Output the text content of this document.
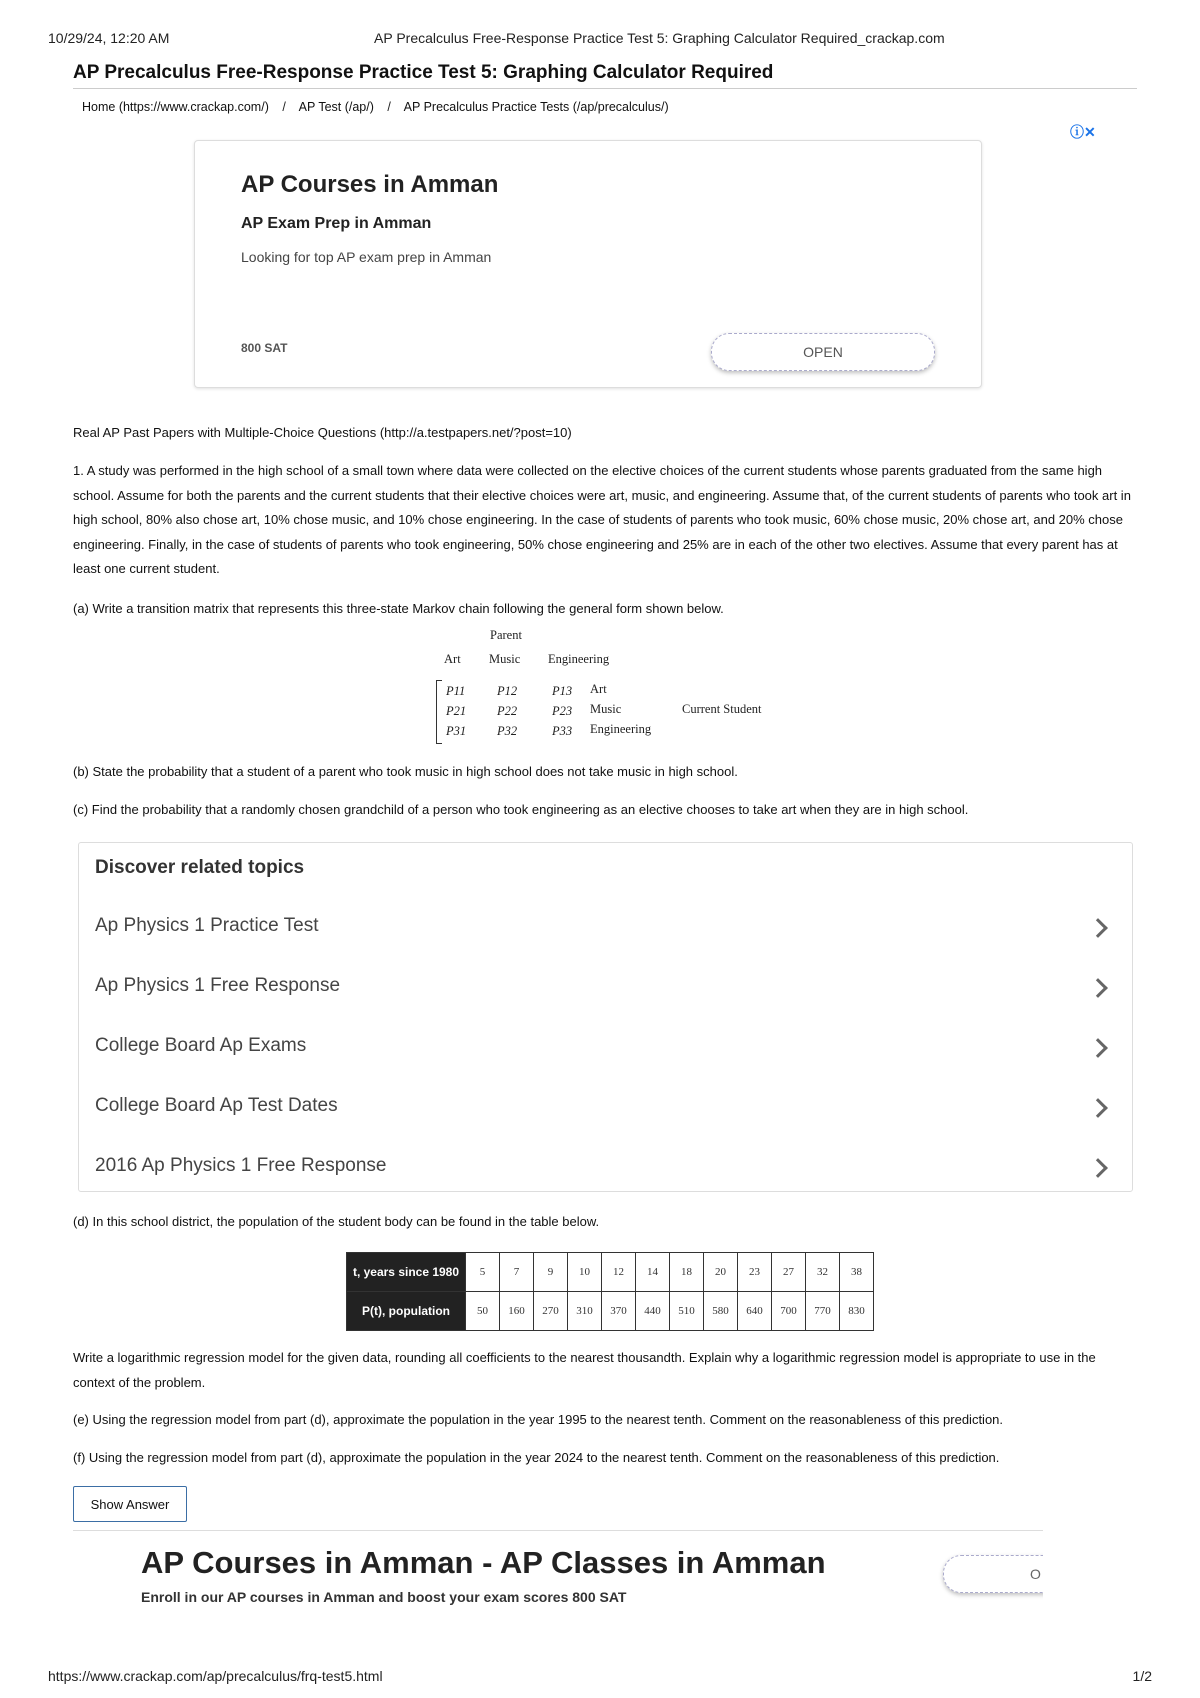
10/29/24, 12:20 AM	AP Precalculus Free-Response Practice Test 5: Graphing Calculator Required_crackap.com
AP Precalculus Free-Response Practice Test 5: Graphing Calculator Required
Home (https://www.crackap.com/) / AP Test (/ap/) / AP Precalculus Practice Tests (/ap/precalculus/)
ⓘ✕
AP Courses in Amman
AP Exam Prep in Amman
Looking for top AP exam prep in Amman
800 SAT	OPEN
Real AP Past Papers with Multiple-Choice Questions (http://a.testpapers.net/?post=10)
1. A study was performed in the high school of a small town where data were collected on the elective choices of the current students whose parents graduated from the same high school. Assume for both the parents and the current students that their elective choices were art, music, and engineering. Assume that, of the current students of parents who took art in high school, 80% also chose art, 10% chose music, and 10% chose engineering. In the case of students of parents who took music, 60% chose music, 20% chose art, and 20% chose engineering. Finally, in the case of students of parents who took engineering, 50% chose engineering and 25% are in each of the other two electives. Assume that every parent has at least one current student.
(a) Write a transition matrix that represents this three-state Markov chain following the general form shown below.
Parent
Art Music Engineering
P11	P12	P13
P21 P22	P23
P31 P32	P33
Art
Music
Engineering
Current Student
(b) State the probability that a student of a parent who took music in high school does not take music in high school.
(c) Find the probability that a randomly chosen grandchild of a person who took engineering as an elective chooses to take art when they are in high school.
Discover related topics
Ap Physics 1 Practice Test
Ap Physics 1 Free Response
College Board Ap Exams
College Board Ap Test Dates
2016 Ap Physics 1 Free Response
(d) In this school district, the population of the student body can be found in the table below.
t, years since 1980	5	7	9	10	12	14	18	20	23	27	32	38
P(t), population	50	160	270	310	370	440	510	580	640	700	770	830
Write a logarithmic regression model for the given data, rounding all coefficients to the nearest thousandth. Explain why a logarithmic regression model is appropriate to use in the context of the problem.
(e) Using the regression model from part (d), approximate the population in the year 1995 to the nearest tenth. Comment on the reasonableness of this prediction.
(f) Using the regression model from part (d), approximate the population in the year 2024 to the nearest tenth. Comment on the reasonableness of this prediction.
Show Answer
AP Courses in Amman - AP Classes in Amman
Enroll in our AP courses in Amman and boost your exam scores 800 SAT
O
https://www.crackap.com/ap/precalculus/frq-test5.html	1/2
